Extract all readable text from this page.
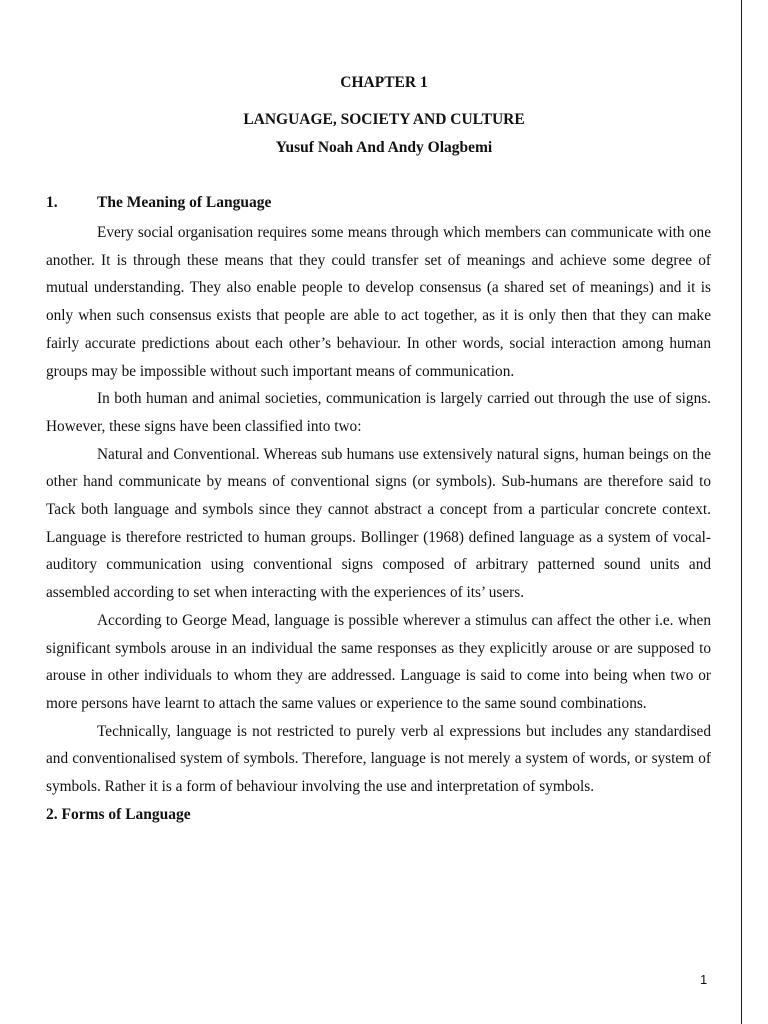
CHAPTER 1
LANGUAGE, SOCIETY AND CULTURE
Yusuf Noah And Andy Olagbemi
1.	The Meaning of Language

Every social organisation requires some means through which members can communicate with one another. It is through these means that they could transfer set of meanings and achieve some degree of mutual understanding. They also enable people to develop consensus (a shared set of meanings) and it is only when such consensus exists that people are able to act together, as it is only then that they can make fairly accurate predictions about each other’s behaviour. In other words, social interaction among human groups may be impossible without such important means of communication.

In both human and animal societies, communication is largely carried out through the use of signs. However, these signs have been classified into two:

Natural and Conventional. Whereas sub humans use extensively natural signs, human beings on the other hand communicate by means of conventional signs (or symbols). Sub-humans are therefore said to Tack both language and symbols since they cannot abstract a concept from a particular concrete context. Language is therefore restricted to human groups. Bollinger (1968) defined language as a system of vocal-auditory communication using conventional signs composed of arbitrary patterned sound units and assembled according to set when interacting with the experiences of its’ users.

According to George Mead, language is possible wherever a stimulus can affect the other i.e. when significant symbols arouse in an individual the same responses as they explicitly arouse or are supposed to arouse in other individuals to whom they are addressed. Language is said to come into being when two or more persons have learnt to attach the same values or experience to the same sound combinations.

Technically, language is not restricted to purely verb al expressions but includes any standardised and conventionalised system of symbols. Therefore, language is not merely a system of words, or system of symbols. Rather it is a form of behaviour involving the use and interpretation of symbols.

2. Forms of Language

1
